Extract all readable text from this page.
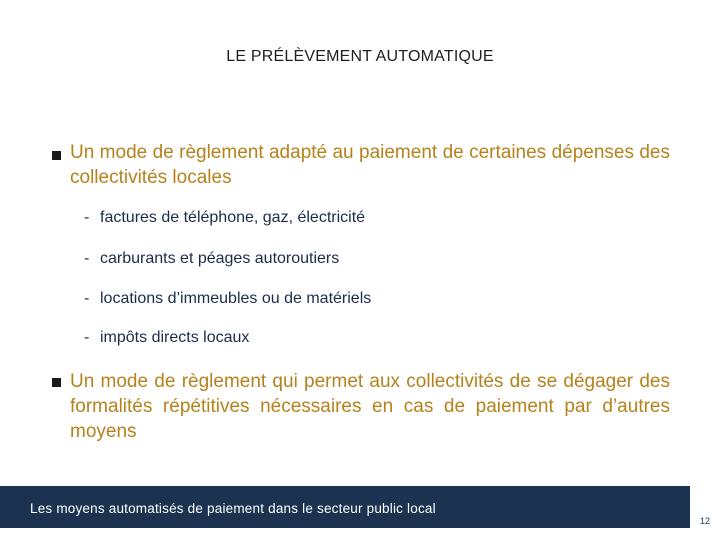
LE PRÉLÈVEMENT AUTOMATIQUE
Un mode de règlement adapté au paiement de certaines dépenses des collectivités locales
- factures de téléphone, gaz, électricité
- carburants et péages autoroutiers
- locations d’immeubles ou de matériels
- impôts directs locaux
Un mode de règlement qui permet aux collectivités de se dégager des formalités répétitives nécessaires en cas de paiement par d’autres moyens
Les moyens automatisés de paiement dans le secteur public local
12
